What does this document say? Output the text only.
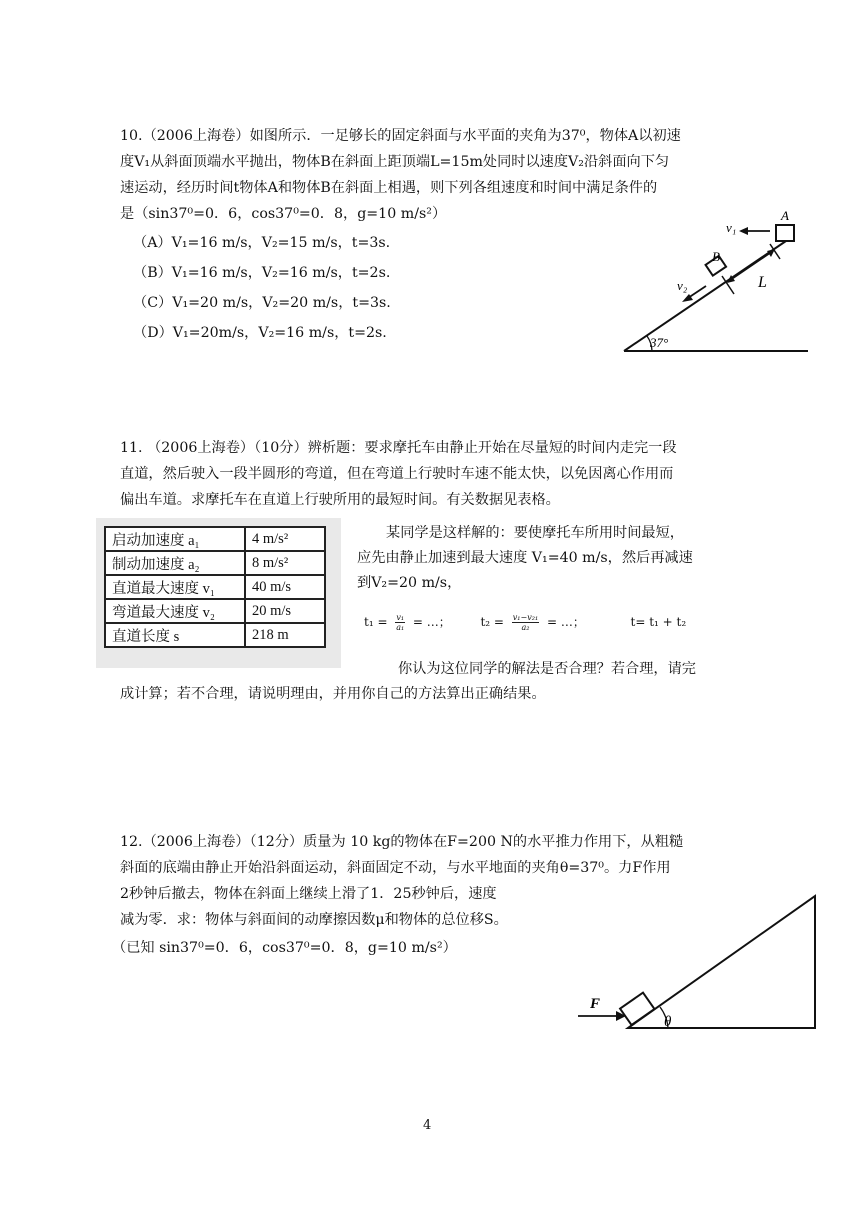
10.（2006上海卷）如图所示．一足够长的固定斜面与水平面的夹角为37⁰，物体A以初速
度V₁从斜面顶端水平抛出，物体B在斜面上距顶端L=15m处同时以速度V₂沿斜面向下匀
速运动，经历时间t物体A和物体B在斜面上相遇，则下列各组速度和时间中满足条件的
是（sin37⁰=0．6，cos37⁰=0．8，g=10 m/s²）
（A）V₁=16 m/s，V₂=15 m/s，t=3s.
（B）V₁=16 m/s，V₂=16 m/s，t=2s.
（C）V₁=20 m/s，V₂=20 m/s，t=3s.
（D）V₁=20m/s，V₂=16 m/s，t=2s.
A
v₁
B
v₂	L
37°
11. （2006上海卷）（10分）辨析题：要求摩托车由静止开始在尽量短的时间内走完一段
直道，然后驶入一段半圆形的弯道，但在弯道上行驶时车速不能太快，以免因离心作用而
偏出车道。求摩托车在直道上行驶所用的最短时间。有关数据见表格。
启动加速度 a₁	4 m/s²
制动加速度 a₂	8 m/s²
直道最大速度 v₁	40 m/s
弯道最大速度 v₂	20 m/s
直道长度 s	218 m
某同学是这样解的：要使摩托车所用时间最短，
应先由静止加速到最大速度 V₁=40 m/s，然后再减速
到V₂=20 m/s，
$t_1 = \frac{\text{v₁}}{\text{a₁}}$ = …； $t_2 = \frac{\text{v₁−v₂₁}}{\text{a₂}}$ = …；	t= t₁ + t₂
你认为这位同学的解法是否合理？若合理，请完
成计算；若不合理，请说明理由，并用你自己的方法算出正确结果。
12.（2006上海卷）（12分）质量为 10 kg的物体在F=200 N的水平推力作用下，从粗糙
斜面的底端由静止开始沿斜面运动，斜面固定不动，与水平地面的夹角θ=37⁰。力F作用
2秒钟后撤去，物体在斜面上继续上滑了1．25秒钟后，速度
减为零．求：物体与斜面间的动摩擦因数μ和物体的总位移S。
（已知 sin37⁰=0．6，cos37⁰=0．8，g=10 m/s²）
F
θ
4
